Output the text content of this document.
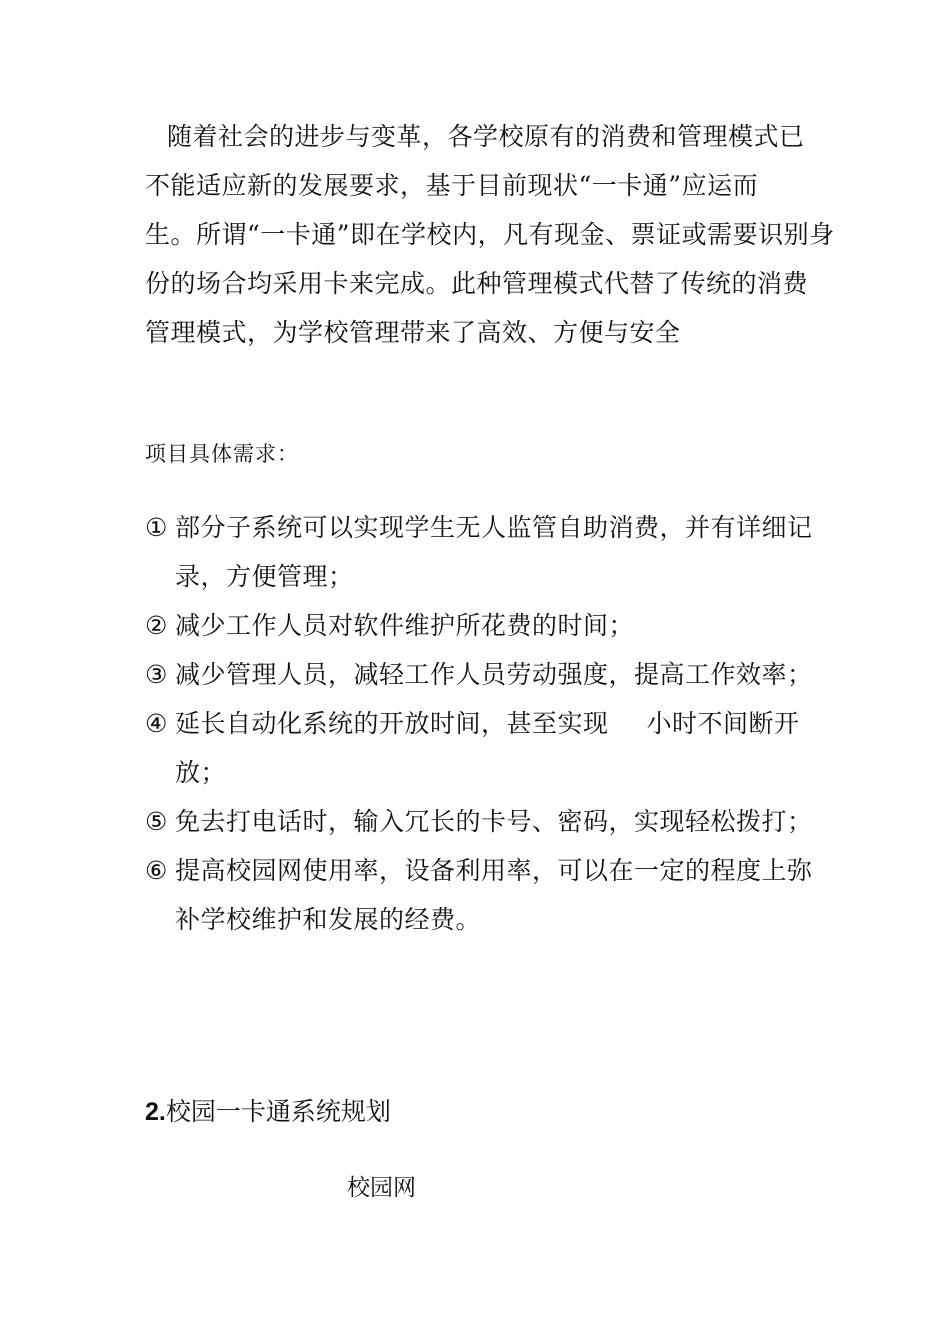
随着社会的进步与变革，各学校原有的消费和管理模式已
不能适应新的发展要求，基于目前现状“一卡通”应运而
生。所谓“一卡通”即在学校内，凡有现金、票证或需要识别身
份的场合均采用卡来完成。此种管理模式代替了传统的消费
管理模式，为学校管理带来了高效、方便与安全
项目具体需求：
① 部分子系统可以实现学生无人监管自助消费，并有详细记
录，方便管理；
② 减少工作人员对软件维护所花费的时间；
③ 减少管理人员，减轻工作人员劳动强度，提高工作效率；
④ 延长自动化系统的开放时间，甚至实现 小时不间断开
放；
⑤ 免去打电话时，输入冗长的卡号、密码，实现轻松拨打；
⑥ 提高校园网使用率，设备利用率，可以在一定的程度上弥
补学校维护和发展的经费。
2.校园一卡通系统规划
校园网
